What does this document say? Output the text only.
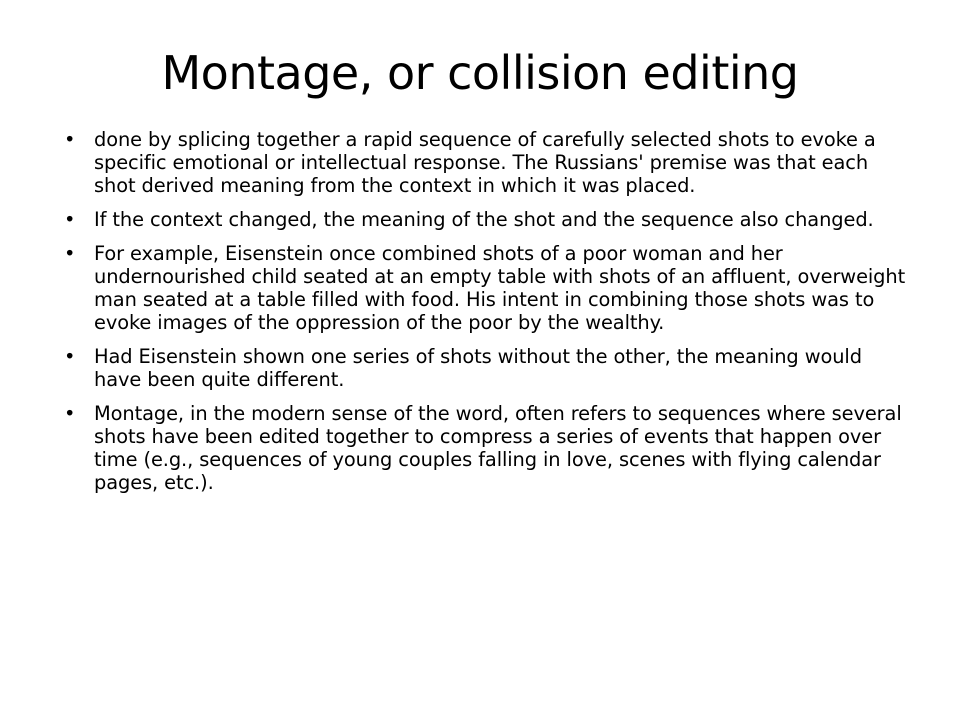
Montage, or collision editing
• done by splicing together a rapid sequence of carefully selected shots to evoke a specific emotional or intellectual response. The Russians' premise was that each shot derived meaning from the context in which it was placed.
• If the context changed, the meaning of the shot and the sequence also changed.
• For example, Eisenstein once combined shots of a poor woman and her undernourished child seated at an empty table with shots of an affluent, overweight man seated at a table filled with food. His intent in combining those shots was to evoke images of the oppression of the poor by the wealthy.
• Had Eisenstein shown one series of shots without the other, the meaning would have been quite different.
• Montage, in the modern sense of the word, often refers to sequences where several shots have been edited together to compress a series of events that happen over time (e.g., sequences of young couples falling in love, scenes with flying calendar pages, etc.).
